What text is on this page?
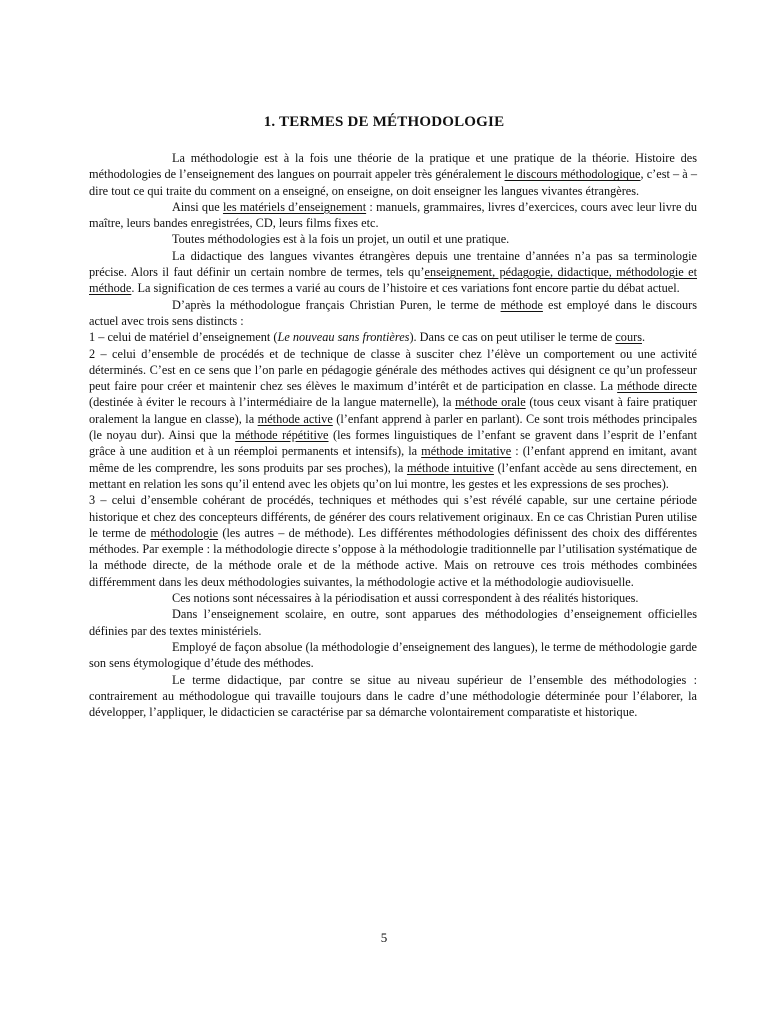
1. TERMES DE MÉTHODOLOGIE

La méthodologie est à la fois une théorie de la pratique et une pratique de la théorie. Histoire des méthodologies de l’enseignement des langues on pourrait appeler très généralement le discours méthodologique, c’est – à – dire tout ce qui traite du comment on a enseigné, on enseigne, on doit enseigner les langues vivantes étrangères.

Ainsi que les matériels d’enseignement : manuels, grammaires, livres d’exercices, cours avec leur livre du maître, leurs bandes enregistrées, CD, leurs films fixes etc.

Toutes méthodologies est à la fois un projet, un outil et une pratique.

La didactique des langues vivantes étrangères depuis une trentaine d’années n’a pas sa terminologie précise. Alors il faut définir un certain nombre de termes, tels qu’enseignement, pédagogie, didactique, méthodologie et méthode. La signification de ces termes a varié au cours de l’histoire et ces variations font encore partie du débat actuel.

D’après la méthodologue français Christian Puren, le terme de méthode est employé dans le discours actuel avec trois sens distincts :

1 – celui de matériel d’enseignement (Le nouveau sans frontières). Dans ce cas on peut utiliser le terme de cours.

2 – celui d’ensemble de procédés et de technique de classe à susciter chez l’élève un comportement ou une activité déterminés. C’est en ce sens que l’on parle en pédagogie générale des méthodes actives qui désignent ce qu’un professeur peut faire pour créer et maintenir chez ses élèves le maximum d’intérêt et de participation en classe. La méthode directe (destinée à éviter le recours à l’intermédiaire de la langue maternelle), la méthode orale (tous ceux visant à faire pratiquer oralement la langue en classe), la méthode active (l’enfant apprend à parler en parlant). Ce sont trois méthodes principales (le noyau dur). Ainsi que la méthode répétitive (les formes linguistiques de l’enfant se gravent dans l’esprit de l’enfant grâce à une audition et à un réemploi permanents et intensifs), la méthode imitative : (l’enfant apprend en imitant, avant même de les comprendre, les sons produits par ses proches), la méthode intuitive (l’enfant accède au sens directement, en mettant en relation les sons qu’il entend avec les objets qu’on lui montre, les gestes et les expressions de ses proches).

3 – celui d’ensemble cohérant de procédés, techniques et méthodes qui s’est révélé capable, sur une certaine période historique et chez des concepteurs différents, de générer des cours relativement originaux. En ce cas Christian Puren utilise le terme de méthodologie (les autres – de méthode). Les différentes méthodologies définissent des choix des différentes méthodes. Par exemple : la méthodologie directe s’oppose à la méthodologie traditionnelle par l’utilisation systématique de la méthode directe, de la méthode orale et de la méthode active. Mais on retrouve ces trois méthodes combinées différemment dans les deux méthodologies suivantes, la méthodologie active et la méthodologie audiovisuelle.

Ces notions sont nécessaires à la périodisation et aussi correspondent à des réalités historiques.

Dans l’enseignement scolaire, en outre, sont apparues des méthodologies d’enseignement officielles définies par des textes ministériels.

Employé de façon absolue (la méthodologie d’enseignement des langues), le terme de méthodologie garde son sens étymologique d’étude des méthodes.

Le terme didactique, par contre se situe au niveau supérieur de l’ensemble des méthodologies : contrairement au méthodologue qui travaille toujours dans le cadre d’une méthodologie déterminée pour l’élaborer, la développer, l’appliquer, le didacticien se caractérise par sa démarche volontairement comparatiste et historique.

5
